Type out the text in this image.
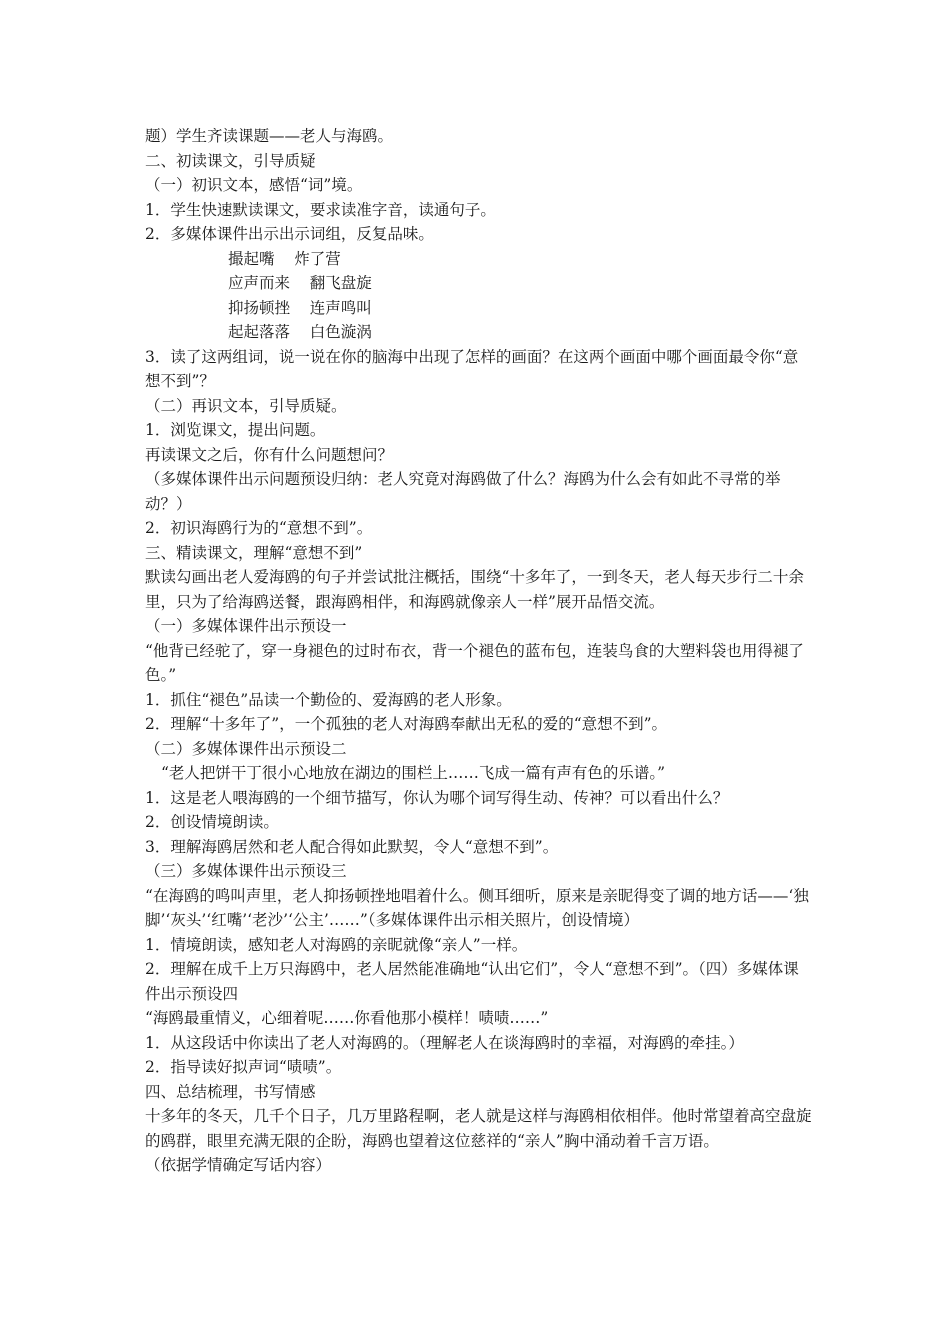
题）学生齐读课题——老人与海鸥。

二、初读课文，引导质疑

（一）初识文本，感悟“词”境。

1．学生快速默读课文，要求读准字音，读通句子。

2．多媒体课件出示出示词组，反复品味。

撮起嘴    炸了营

应声而来    翻飞盘旋

抑扬顿挫    连声鸣叫

起起落落    白色漩涡

3．读了这两组词，说一说在你的脑海中出现了怎样的画面？在这两个画面中哪个画面最令你“意想不到”？

（二）再识文本，引导质疑。

1．浏览课文，提出问题。

再读课文之后，你有什么问题想问？

（多媒体课件出示问题预设归纳：老人究竟对海鸥做了什么？海鸥为什么会有如此不寻常的举动？）

2．初识海鸥行为的“意想不到”。

三、精读课文，理解“意想不到”

默读勾画出老人爱海鸥的句子并尝试批注概括，围绕“十多年了，一到冬天，老人每天步行二十余里，只为了给海鸥送餐，跟海鸥相伴，和海鸥就像亲人一样”展开品悟交流。

（一）多媒体课件出示预设一

“他背已经驼了，穿一身褪色的过时布衣，背一个褪色的蓝布包，连装鸟食的大塑料袋也用得褪了色。”

1．抓住“褪色”品读一个勤俭的、爱海鸥的老人形象。

2．理解“十多年了”，一个孤独的老人对海鸥奉献出无私的爱的“意想不到”。

（二）多媒体课件出示预设二

“老人把饼干丁很小心地放在湖边的围栏上……飞成一篇有声有色的乐谱。”

1．这是老人喂海鸥的一个细节描写，你认为哪个词写得生动、传神？可以看出什么？

2．创设情境朗读。

3．理解海鸥居然和老人配合得如此默契，令人“意想不到”。

（三）多媒体课件出示预设三

“在海鸥的鸣叫声里，老人抑扬顿挫地唱着什么。侧耳细听，原来是亲昵得变了调的地方话——‘独脚’‘灰头’‘红嘴’‘老沙’‘公主’……”（多媒体课件出示相关照片，创设情境）

1．情境朗读，感知老人对海鸥的亲昵就像“亲人”一样。

2．理解在成千上万只海鸥中，老人居然能准确地“认出它们”，令人“意想不到”。（四）多媒体课件出示预设四

“海鸥最重情义，心细着呢……你看他那小模样！啧啧……”

1．从这段话中你读出了老人对海鸥的。（理解老人在谈海鸥时的幸福，对海鸥的牵挂。）

2．指导读好拟声词“啧啧”。

四、总结梳理，书写情感

十多年的冬天，几千个日子，几万里路程啊，老人就是这样与海鸥相依相伴。他时常望着高空盘旋的鸥群，眼里充满无限的企盼，海鸥也望着这位慈祥的“亲人”胸中涌动着千言万语。

（依据学情确定写话内容）
